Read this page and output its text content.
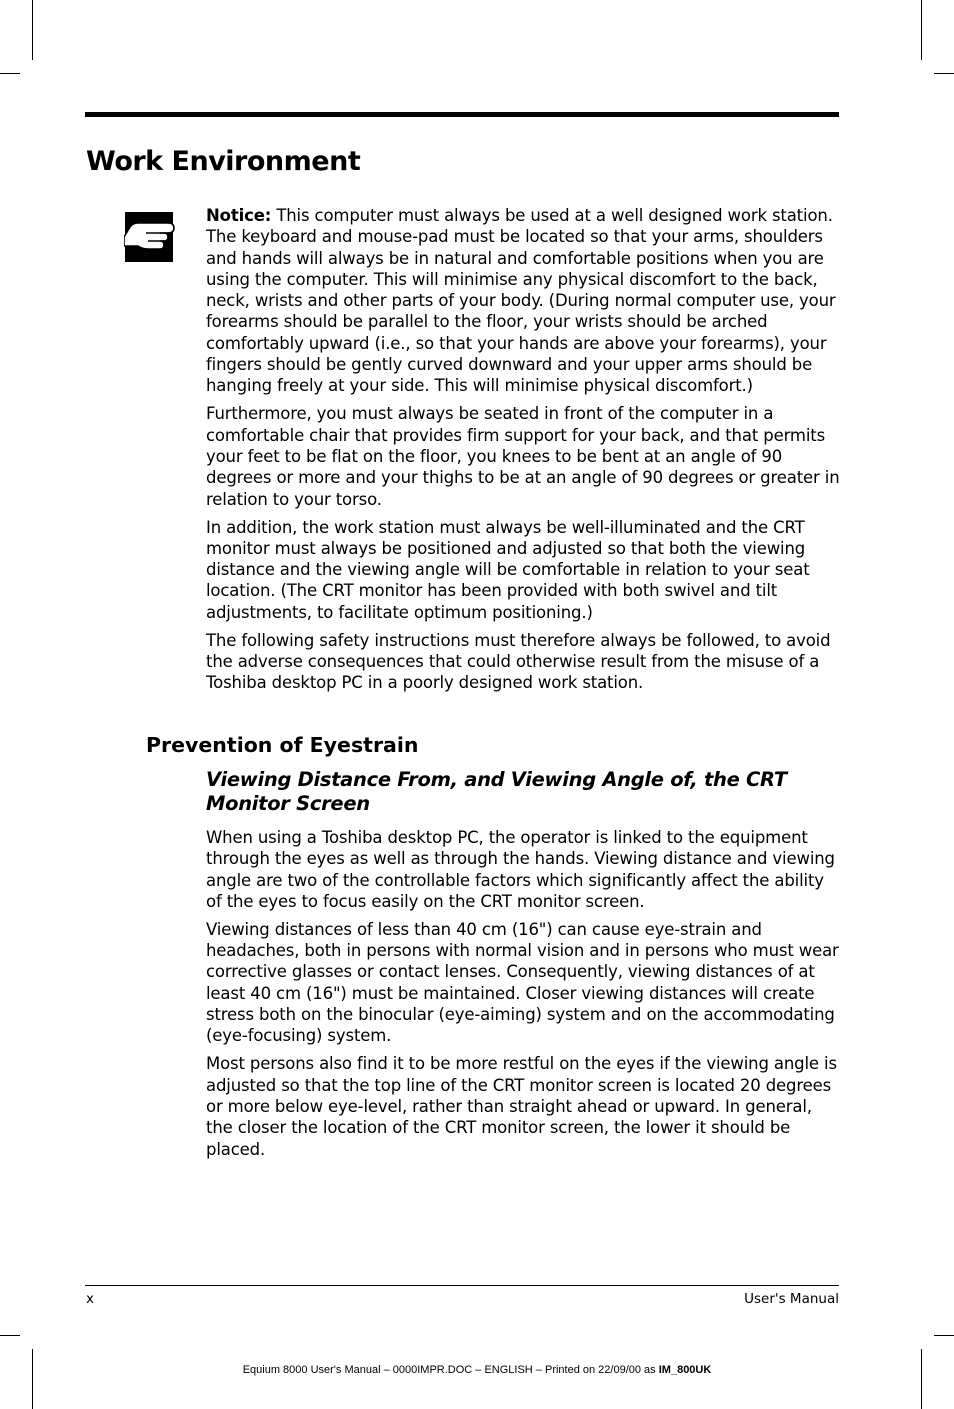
Work Environment

Notice: This computer must always be used at a well designed work station. The keyboard and mouse-pad must be located so that your arms, shoulders and hands will always be in natural and comfortable positions when you are using the computer. This will minimise any physical discomfort to the back, neck, wrists and other parts of your body. (During normal computer use, your forearms should be parallel to the floor, your wrists should be arched comfortably upward (i.e., so that your hands are above your forearms), your fingers should be gently curved downward and your upper arms should be hanging freely at your side. This will minimise physical discomfort.)

Furthermore, you must always be seated in front of the computer in a comfortable chair that provides firm support for your back, and that permits your feet to be flat on the floor, you knees to be bent at an angle of 90 degrees or more and your thighs to be at an angle of 90 degrees or greater in relation to your torso.

In addition, the work station must always be well-illuminated and the CRT monitor must always be positioned and adjusted so that both the viewing distance and the viewing angle will be comfortable in relation to your seat location. (The CRT monitor has been provided with both swivel and tilt adjustments, to facilitate optimum positioning.)

The following safety instructions must therefore always be followed, to avoid the adverse consequences that could otherwise result from the misuse of a Toshiba desktop PC in a poorly designed work station.

Prevention of Eyestrain
Viewing Distance From, and Viewing Angle of, the CRT Monitor Screen

When using a Toshiba desktop PC, the operator is linked to the equipment through the eyes as well as through the hands. Viewing distance and viewing angle are two of the controllable factors which significantly affect the ability of the eyes to focus easily on the CRT monitor screen.

Viewing distances of less than 40 cm (16") can cause eye-strain and headaches, both in persons with normal vision and in persons who must wear corrective glasses or contact lenses. Consequently, viewing distances of at least 40 cm (16") must be maintained. Closer viewing distances will create stress both on the binocular (eye-aiming) system and on the accommodating (eye-focusing) system.

Most persons also find it to be more restful on the eyes if the viewing angle is adjusted so that the top line of the CRT monitor screen is located 20 degrees or more below eye-level, rather than straight ahead or upward. In general, the closer the location of the CRT monitor screen, the lower it should be placed.

x	User's Manual
Equium 8000 User's Manual – 0000IMPR.DOC – ENGLISH – Printed on 22/09/00 as IM_800UK
